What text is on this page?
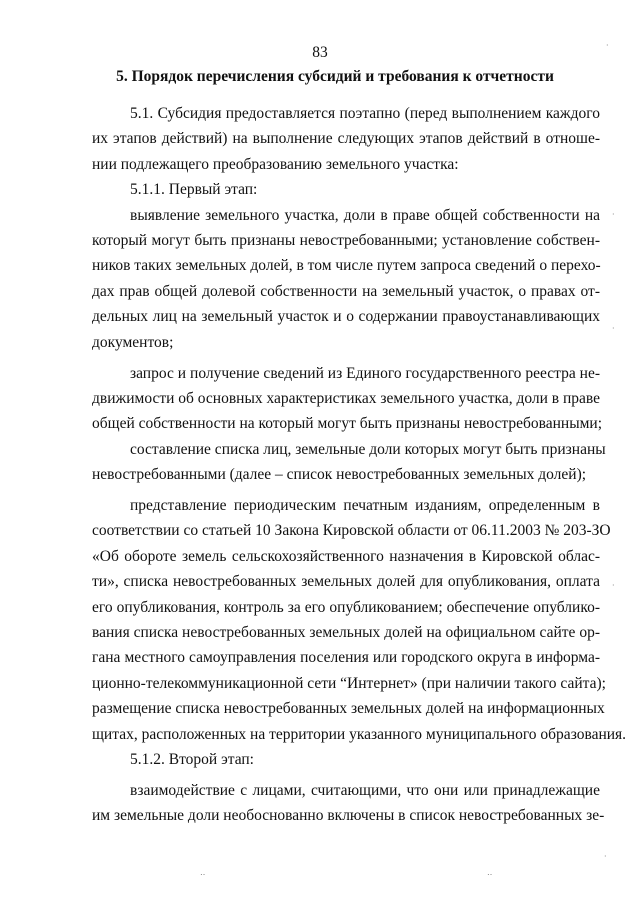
83
5. Порядок перечисления субсидий и требования к отчетности
5.1. Субсидия предоставляется поэтапно (перед выполнением каждого
их этапов действий) на выполнение следующих этапов действий в отноше-
нии подлежащего преобразованию земельного участка:
5.1.1. Первый этап:
выявление земельного участка, доли в праве общей собственности на
который могут быть признаны невостребованными; установление собствен-
ников таких земельных долей, в том числе путем запроса сведений о перехо-
дах прав общей долевой собственности на земельный участок, о правах от-
дельных лиц на земельный участок и о содержании правоустанавливающих
документов;
запрос и получение сведений из Единого государственного реестра не-
движимости об основных характеристиках земельного участка, доли в праве
общей собственности на который могут быть признаны невостребованными;
составление списка лиц, земельные доли которых могут быть признаны
невостребованными (далее – список невостребованных земельных долей);
представление периодическим печатным изданиям, определенным в
соответствии со статьей 10 Закона Кировской области от 06.11.2003 № 203-ЗО
«Об обороте земель сельскохозяйственного назначения в Кировской облас-
ти», списка невостребованных земельных долей для опубликования, оплата
его опубликования, контроль за его опубликованием; обеспечение опублико-
вания списка невостребованных земельных долей на официальном сайте ор-
гана местного самоуправления поселения или городского округа в информа-
ционно-телекоммуникационной сети “Интернет» (при наличии такого сайта);
размещение списка невостребованных земельных долей на информационных
щитах, расположенных на территории указанного муниципального образования.
5.1.2. Второй этап:
взаимодействие с лицами, считающими, что они или принадлежащие
им земельные доли необоснованно включены в список невостребованных зе-
·
·
·
·
·
‥	‥
